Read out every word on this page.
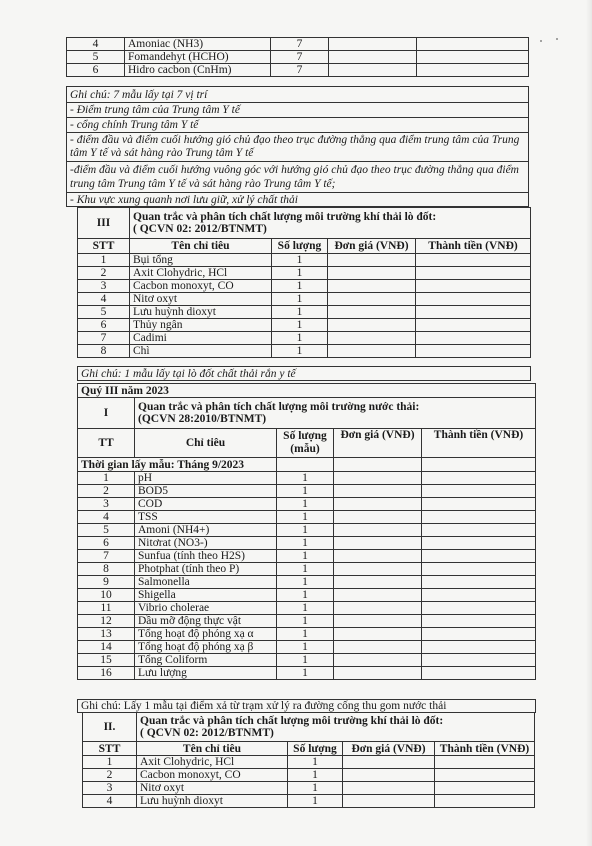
4	Amoniac (NH3)	7		
5	Fomandehyt (HCHO)	7		
6	Hidro cacbon (CnHm)	7		
Ghi chú: 7 mẫu lấy tại 7 vị trí
- Điểm trung tâm của Trung tâm Y tế
- cổng chính Trung tâm Y tế
- điểm đầu và điểm cuối hướng gió chủ đạo theo trục đường thẳng qua điểm trung tâm của Trung tâm Y tế và sát hàng rào Trung tâm Y tế
-điểm đầu và điểm cuối hướng vuông góc với hướng gió chủ đạo theo trục đường thẳng qua điểm trung tâm Trung tâm Y tế và sát hàng rào Trung tâm Y tế;
- Khu vực xung quanh nơi lưu giữ, xử lý chất thải
III	Quan trắc và phân tích chất lượng môi trường khí thải lò đốt:
( QCVN 02: 2012/BTNMT)			

STT	Tên chỉ tiêu	Số lượng	Đơn giá (VNĐ)	Thành tiền (VNĐ)
1	Bụi tổng	1		
2	Axit Clohydric, HCl	1		
3	Cacbon monoxyt, CO	1		
4	Nitơ oxyt	1		
5	Lưu huỳnh dioxyt	1		
6	Thủy ngân	1		
7	Cadimi	1		
8	Chì	1		
Ghi chú: 1 mẫu lấy tại lò đốt chất thải rắn y tế
Quý III năm 2023				
I	Quan trắc và phân tích chất lượng môi trường nước thải:
(QCVN 28:2010/BTNMT)			

TT	Chỉ tiêu	Số lượng (mẫu)	Đơn giá (VNĐ)	Thành tiền (VNĐ)
Thời gian lấy mẫu: Tháng 9/2023				
1	pH	1		
2	BOD5	1		
3	COD	1		
4	TSS	1		
5	Amoni (NH4+)	1		
6	Nitơrat (NO3-)	1		
7	Sunfua (tính theo H2S)	1		
8	Photphat (tính theo P)	1		
9	Salmonella	1		
10	Shigella	1		
11	Vibrio cholerae	1		
12	Dầu mỡ động thực vật	1		
13	Tổng hoạt độ phóng xạ α	1		
14	Tổng hoạt độ phóng xạ β	1		
15	Tổng Coliform	1		
16	Lưu lượng	1		
Ghi chú: Lấy 1 mẫu tại điểm xả từ trạm xử lý ra đường cống thu gom nước thải
II.	Quan trắc và phân tích chất lượng môi trường khí thải lò đốt:
( QCVN 02: 2012/BTNMT)			

STT	Tên chỉ tiêu	Số lượng	Đơn giá (VNĐ)	Thành tiền (VNĐ)
1	Axit Clohydric, HCl	1		
2	Cacbon monoxyt, CO	1		
3	Nitơ oxyt	1		
4	Lưu huỳnh dioxyt	1		
